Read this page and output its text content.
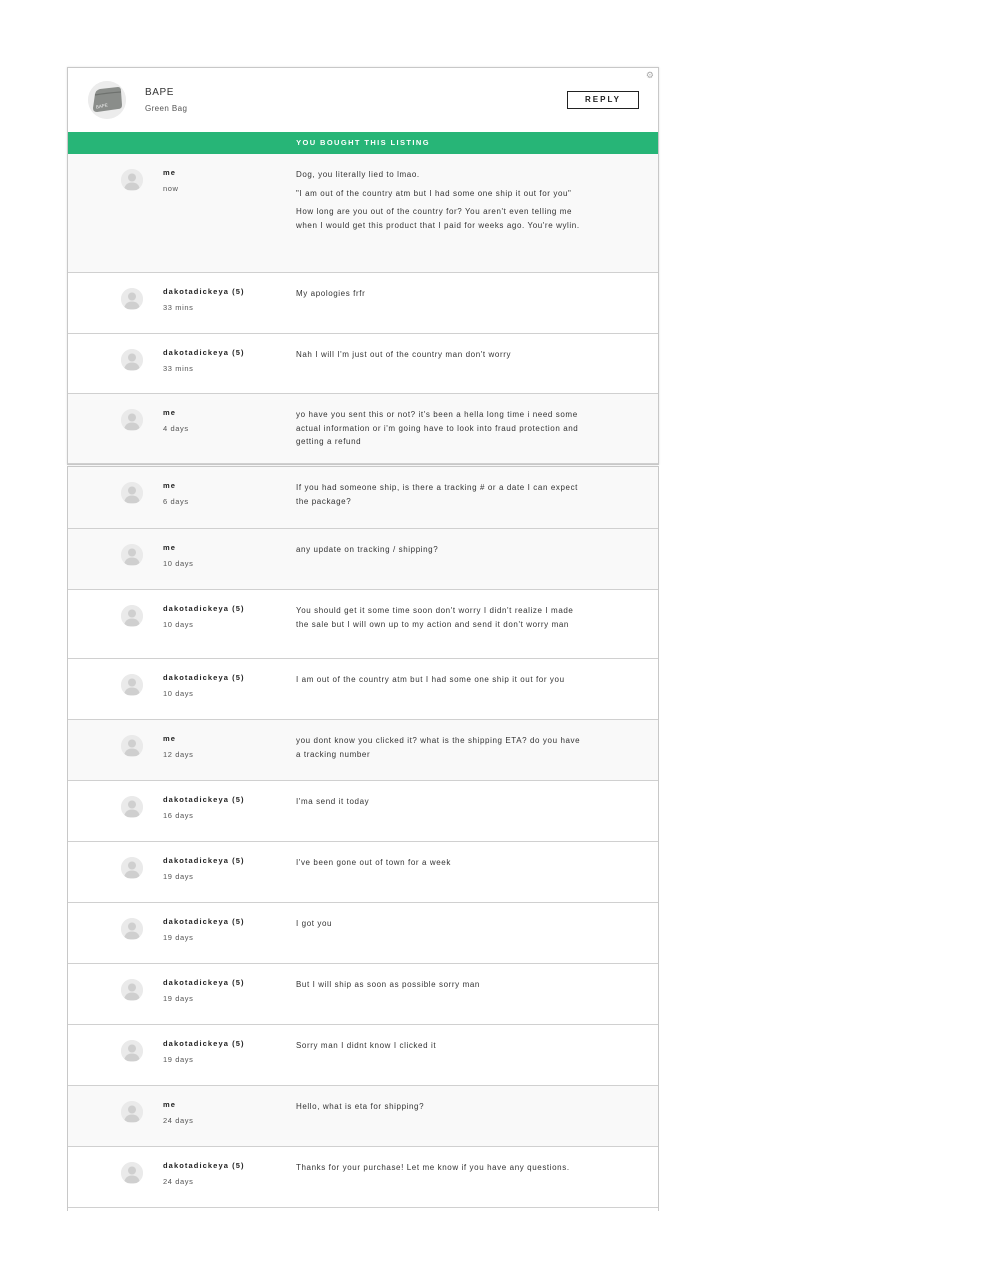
BAPE
BAPE
Green Bag
REPLY
⚙
YOU BOUGHT THIS LISTING
me
now

Dog, you literally lied to lmao.

"I am out of the country atm but I had some one ship it out for you"

How long are you out of the country for? You aren't even telling me when I would get this product that I paid for weeks ago. You're wylin.

dakotadickeya (5)
33 mins

My apologies frfr

dakotadickeya (5)
33 mins

Nah I will I'm just out of the country man don't worry

me
4 days

yo have you sent this or not? it's been a hella long time i need some actual information or i'm going have to look into fraud protection and getting a refund

me
6 days

If you had someone ship, is there a tracking # or a date I can expect the package?

me
10 days

any update on tracking / shipping?

dakotadickeya (5)
10 days

You should get it some time soon don't worry I didn't realize I made the sale but I will own up to my action and send it don't worry man

dakotadickeya (5)
10 days

I am out of the country atm but I had some one ship it out for you

me
12 days

you dont know you clicked it? what is the shipping ETA? do you have a tracking number

dakotadickeya (5)
16 days

I'ma send it today

dakotadickeya (5)
19 days

I've been gone out of town for a week

dakotadickeya (5)
19 days

I got you

dakotadickeya (5)
19 days

But I will ship as soon as possible sorry man

dakotadickeya (5)
19 days

Sorry man I didnt know I clicked it

me
24 days

Hello, what is eta for shipping?

dakotadickeya (5)
24 days

Thanks for your purchase! Let me know if you have any questions.
